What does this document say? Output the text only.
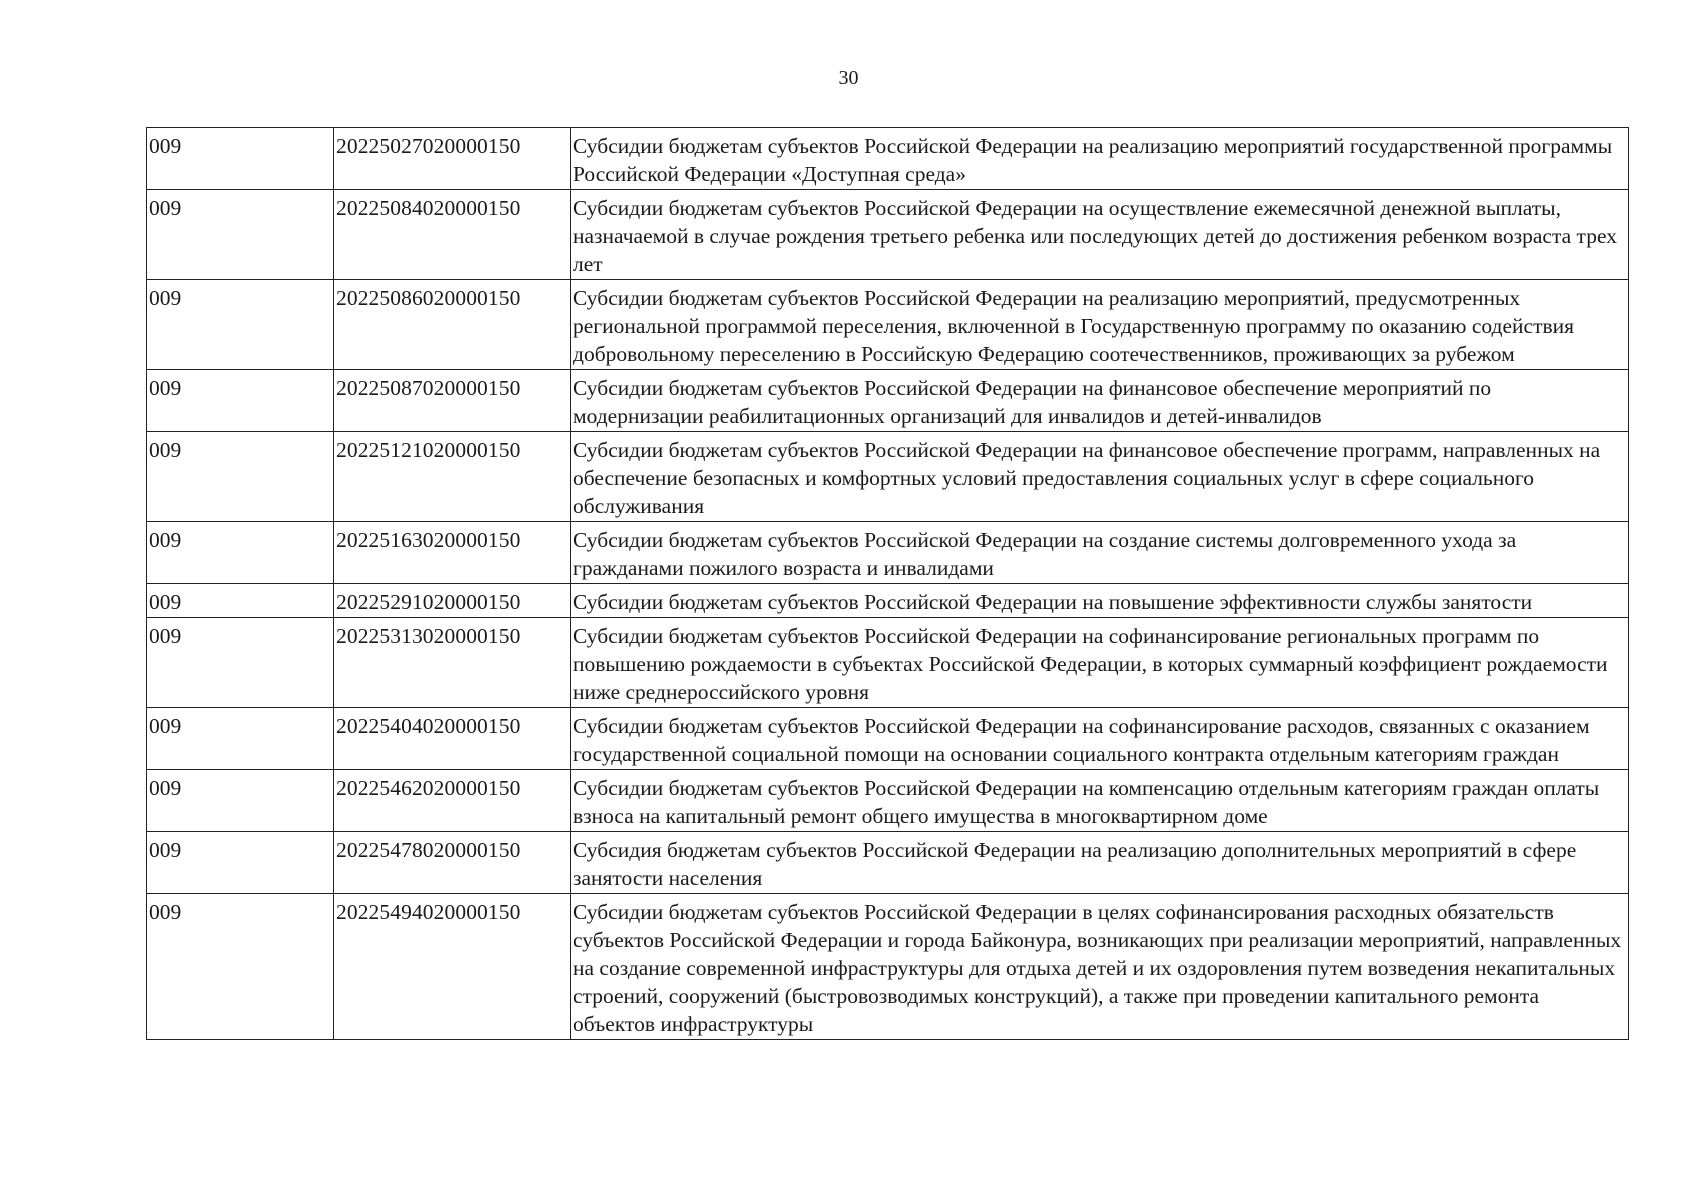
30
009	20225027020000150	Субсидии бюджетам субъектов Российской Федерации на реализацию мероприятий государственной программы Российской Федерации «Доступная среда»
009	20225084020000150	Субсидии бюджетам субъектов Российской Федерации на осуществление ежемесячной денежной выплаты, назначаемой в случае рождения третьего ребенка или последующих детей до достижения ребенком возраста трех лет
009	20225086020000150	Субсидии бюджетам субъектов Российской Федерации на реализацию мероприятий, предусмотренных региональной программой переселения, включенной в Государственную программу по оказанию содействия добровольному переселению в Российскую Федерацию соотечественников, проживающих за рубежом
009	20225087020000150	Субсидии бюджетам субъектов Российской Федерации на финансовое обеспечение мероприятий по модернизации реабилитационных организаций для инвалидов и детей-инвалидов
009	20225121020000150	Субсидии бюджетам субъектов Российской Федерации на финансовое обеспечение программ, направленных на обеспечение безопасных и комфортных условий предоставления социальных услуг в сфере социального обслуживания
009	20225163020000150	Субсидии бюджетам субъектов Российской Федерации на создание системы долговременного ухода за гражданами пожилого возраста и инвалидами
009	20225291020000150	Субсидии бюджетам субъектов Российской Федерации на повышение эффективности службы занятости
009	20225313020000150	Субсидии бюджетам субъектов Российской Федерации на софинансирование региональных программ по повышению рождаемости в субъектах Российской Федерации, в которых суммарный коэффициент рождаемости ниже среднероссийского уровня
009	20225404020000150	Субсидии бюджетам субъектов Российской Федерации на софинансирование расходов, связанных с оказанием государственной социальной помощи на основании социального контракта отдельным категориям граждан
009	20225462020000150	Субсидии бюджетам субъектов Российской Федерации на компенсацию отдельным категориям граждан оплаты взноса на капитальный ремонт общего имущества в многоквартирном доме
009	20225478020000150	Субсидия бюджетам субъектов Российской Федерации на реализацию дополнительных мероприятий в сфере занятости населения
009	20225494020000150	Субсидии бюджетам субъектов Российской Федерации в целях софинансирования расходных обязательств субъектов Российской Федерации и города Байконура, возникающих при реализации мероприятий, направленных на создание современной инфраструктуры для отдыха детей и их оздоровления путем возведения некапитальных строений, сооружений (быстровозводимых конструкций), а также при проведении капитального ремонта объектов инфраструктуры
